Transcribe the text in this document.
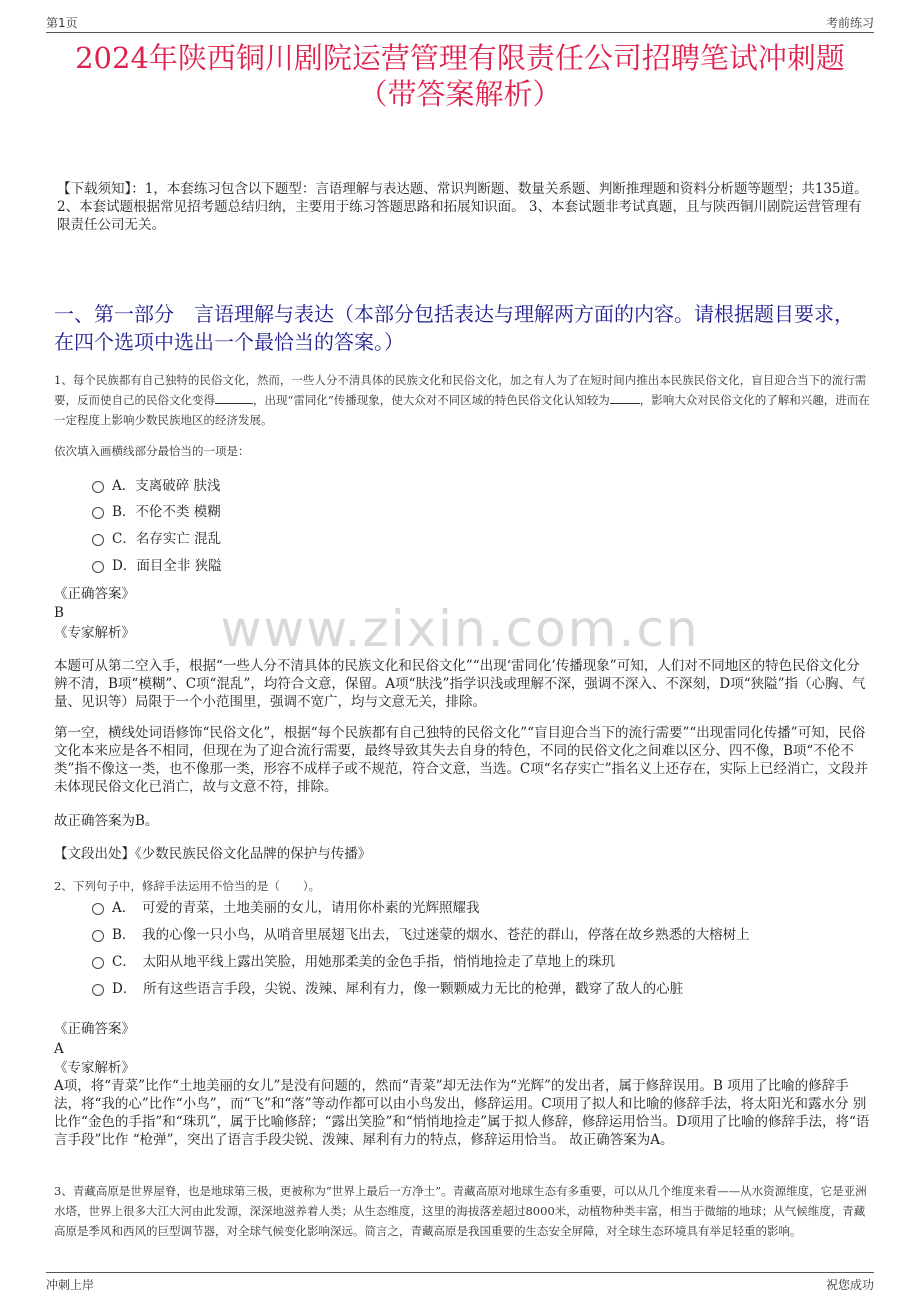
第1页	考前练习
2024年陕西铜川剧院运营管理有限责任公司招聘笔试冲刺题
（带答案解析）
【下载须知】：1，本套练习包含以下题型：言语理解与表达题、常识判断题、数量关系题、判断推理题和资料分析题等题型；共135道。 2、本套试题根据常见招考题总结归纳，主要用于练习答题思路和拓展知识面。 3、本套试题非考试真题，且与陕西铜川剧院运营管理有限责任公司无关。
一、第一部分　言语理解与表达（本部分包括表达与理解两方面的内容。请根据题目要求，在四个选项中选出一个最恰当的答案。）
www.zixin.com.cn
1、每个民族都有自己独特的民俗文化，然而，一些人分不清具体的民族文化和民俗文化，加之有人为了在短时间内推出本民族民俗文化，盲目迎合当下的流行需要，反而使自己的民俗文化变得	，出现“雷同化”传播现象，使大众对不同区域的特色民俗文化认知较为	，影响大众对民俗文化的了解和兴趣，进而在一定程度上影响少数民族地区的经济发展。
依次填入画横线部分最恰当的一项是：
A．支离破碎 肤浅
B．不伦不类 模糊
C．名存实亡 混乱
D．面目全非 狭隘
《正确答案》
B
《专家解析》
本题可从第二空入手，根据“一些人分不清具体的民族文化和民俗文化”“出现‘雷同化’传播现象”可知，人们对不同地区的特色民俗文化分辨不清，B项“模糊”、C项“混乱”，均符合文意，保留。A项“肤浅”指学识浅或理解不深，强调不深入、不深刻，D项“狭隘”指（心胸、气量、见识等）局限于一个小范围里，强调不宽广，均与文意无关，排除。
第一空，横线处词语修饰“民俗文化”，根据“每个民族都有自己独特的民俗文化”“盲目迎合当下的流行需要”“出现雷同化传播”可知，民俗文化本来应是各不相同，但现在为了迎合流行需要，最终导致其失去自身的特色，不同的民俗文化之间难以区分、四不像，B项“不伦不类”指不像这一类，也不像那一类，形容不成样子或不规范，符合文意，当选。C项“名存实亡”指名义上还存在，实际上已经消亡，文段并未体现民俗文化已消亡，故与文意不符，排除。
故正确答案为B。
【文段出处】《少数民族民俗文化品牌的保护与传播》
2、下列句子中，修辞手法运用不恰当的是（　　）。
A．　可爱的青菜，土地美丽的女儿，请用你朴素的光辉照耀我
B．　我的心像一只小鸟，从哨音里展翅飞出去，飞过迷蒙的烟水、苍茫的群山，停落在故乡熟悉的大榕树上
C．　太阳从地平线上露出笑脸，用她那柔美的金色手指，悄悄地捡走了草地上的珠玑
D．　所有这些语言手段，尖锐、泼辣、犀利有力，像一颗颗威力无比的枪弹，戳穿了敌人的心脏
《正确答案》
A
《专家解析》
A项，将“青菜”比作“土地美丽的女儿”是没有问题的，然而“青菜”却无法作为“光辉”的发出者，属于修辞误用。B 项用了比喻的修辞手法，将“我的心”比作“小鸟”，而“飞”和“落”等动作都可以由小鸟发出，修辞运用。C项用了拟人和比喻的修辞手法，将太阳光和露水分 别比作“金色的手指”和“珠玑”，属于比喻修辞；“露出笑脸”和“悄悄地捡走”属于拟人修辞，修辞运用恰当。D项用了比喻的修辞手法，将“语言手段”比作 “枪弹”，突出了语言手段尖锐、泼辣、犀利有力的特点，修辞运用恰当。 故正确答案为A。
3、青藏高原是世界屋脊，也是地球第三极，更被称为“世界上最后一方净土”。青藏高原对地球生态有多重要，可以从几个维度来看——从水资源维度，它是亚洲水塔，世界上很多大江大河由此发源，深深地滋养着人类；从生态维度，这里的海拔落差超过8000米，动植物种类丰富，相当于微缩的地球；从气候维度，青藏高原是季风和西风的巨型调节器，对全球气候变化影响深远。简言之，青藏高原是我国重要的生态安全屏障，对全球生态环境具有举足轻重的影响。
冲刺上岸	祝您成功
